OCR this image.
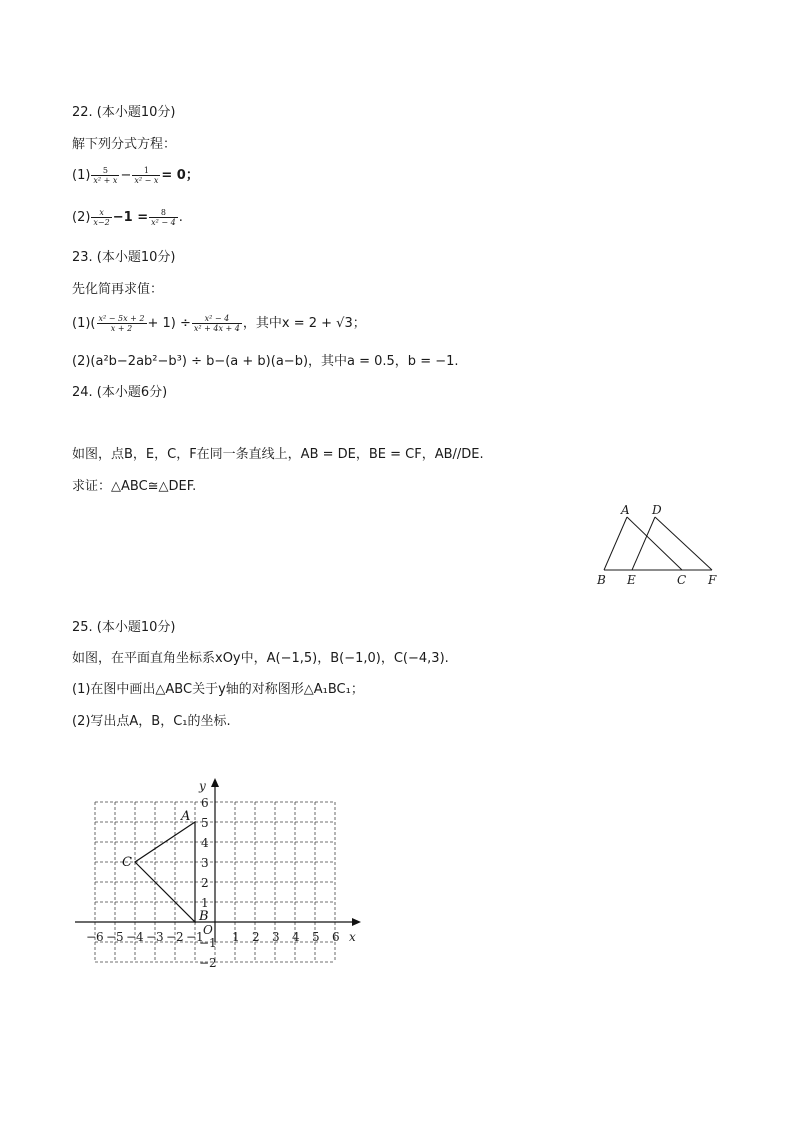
22. (本小题10分)
解下列分式方程：
$(1) \frac{5}{\text{x² + x}} - \frac{1}{\text{x² − x}} = 0$；
$(2) \frac{x}{x-2} -1 = \frac{8}{\text{x² − 4}}$ .
23. (本小题10分)
先化简再求值：
$(1)( \frac{\text{x² − 5x + 2}}{x + 2} + 1) \div \frac{\text{x² − 4}}{\text{x² + 4x + 4}}$ ，其中x = 2 + √3；
(2)(a²b−2ab²−b³) ÷ b−(a + b)(a−b)，其中a = 0.5，b = −1.
24. (本小题6分)
如图，点B，E，C，F在同一条直线上，AB = DE，BE = CF，AB//DE.
求证：△ABC≅△DEF.
A D
B E	C F
25. (本小题10分)
如图，在平面直角坐标系xOy中，A(−1,5)，B(−1,0)，C(−4,3).
(1)在图中画出△ABC关于y轴的对称图形△A₁BC₁；
(2)写出点A，B，C₁的坐标.
−6 −5 −4 −3 −2 −1 1 2 3 4 5 6
6
5
4
3
2
1
−1
−2
x
y
O
A
B
C
